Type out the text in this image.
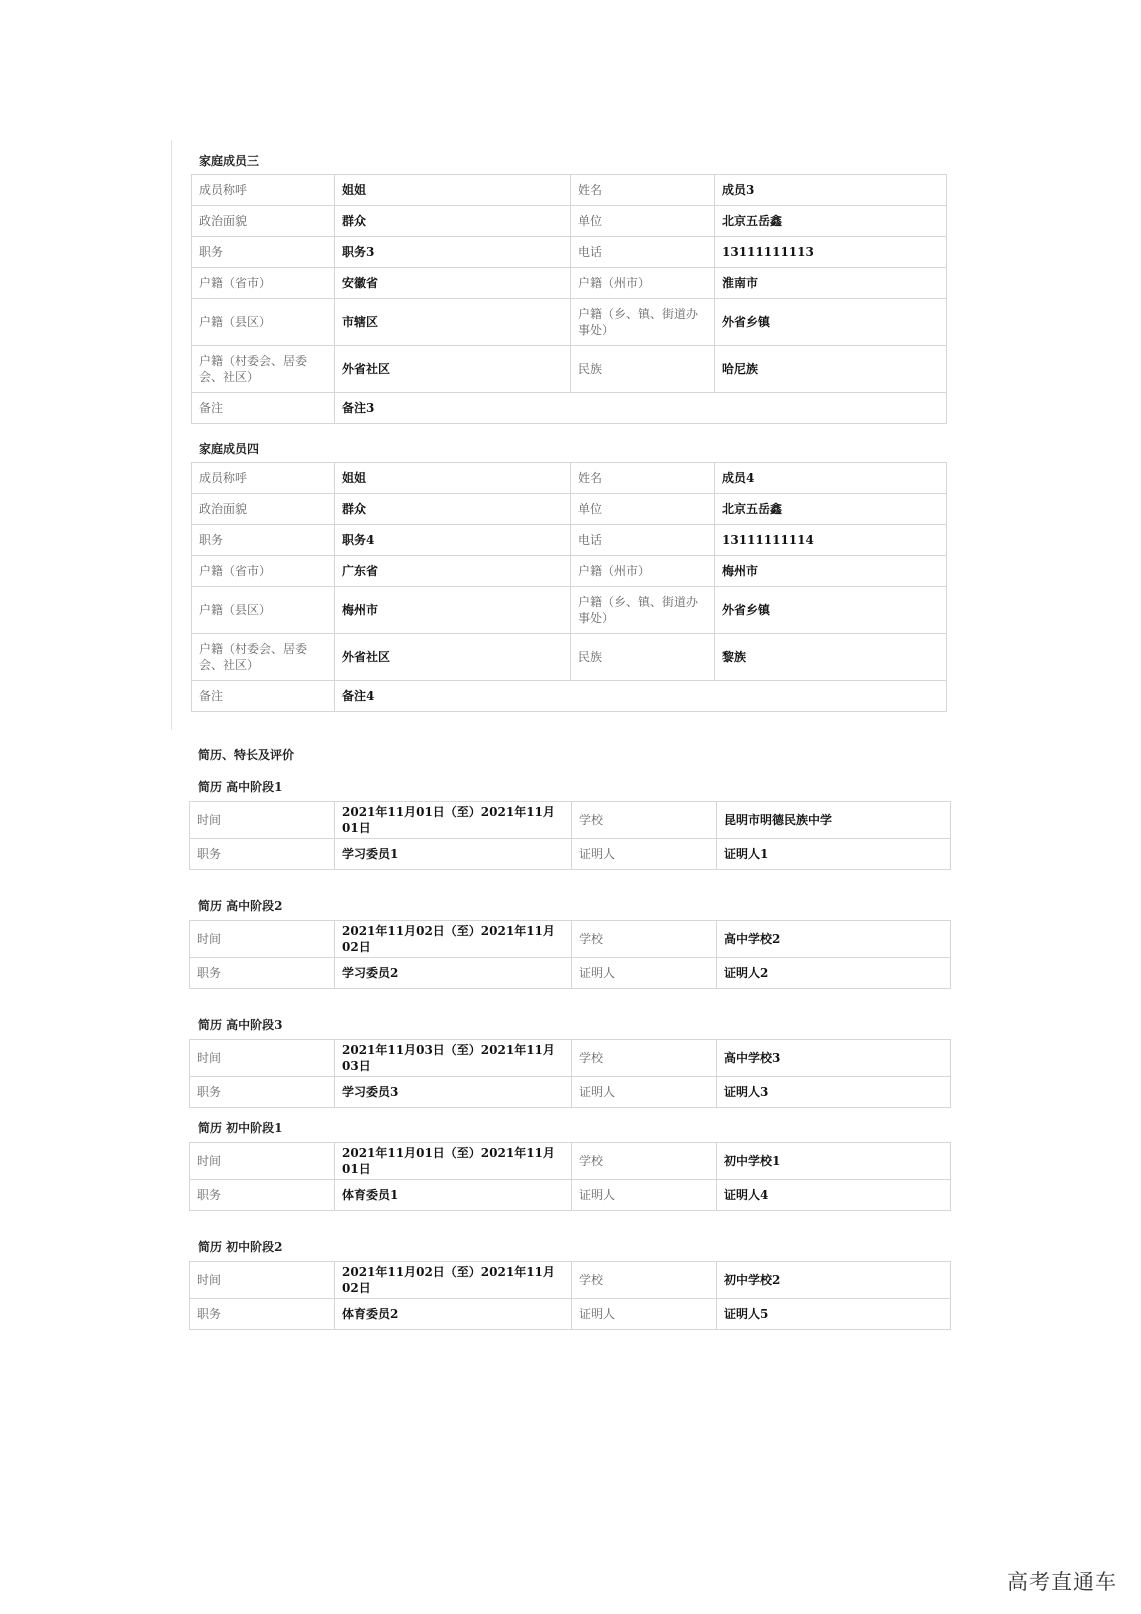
家庭成员三
成员称呼	姐姐	姓名	成员3
政治面貌	群众	单位	北京五岳鑫
职务	职务3	电话	13111111113
户籍（省市）	安徽省	户籍（州市）	淮南市
户籍（县区）	市辖区	户籍（乡、镇、街道办事处）	外省乡镇
户籍（村委会、居委会、社区）	外省社区	民族	哈尼族
备注	备注3		
家庭成员四
成员称呼	姐姐	姓名	成员4
政治面貌	群众	单位	北京五岳鑫
职务	职务4	电话	13111111114
户籍（省市）	广东省	户籍（州市）	梅州市
户籍（县区）	梅州市	户籍（乡、镇、街道办事处）	外省乡镇
户籍（村委会、居委会、社区）	外省社区	民族	黎族
备注	备注4		
简历、特长及评价
简历 高中阶段1
时间	2021年11月01日（至）2021年11月01日	学校	昆明市明德民族中学
职务	学习委员1	证明人	证明人1
简历 高中阶段2
时间	2021年11月02日（至）2021年11月02日	学校	高中学校2
职务	学习委员2	证明人	证明人2
简历 高中阶段3
时间	2021年11月03日（至）2021年11月03日	学校	高中学校3
职务	学习委员3	证明人	证明人3
简历 初中阶段1
时间	2021年11月01日（至）2021年11月01日	学校	初中学校1
职务	体育委员1	证明人	证明人4
简历 初中阶段2
时间	2021年11月02日（至）2021年11月02日	学校	初中学校2
职务	体育委员2	证明人	证明人5
高考直通车
